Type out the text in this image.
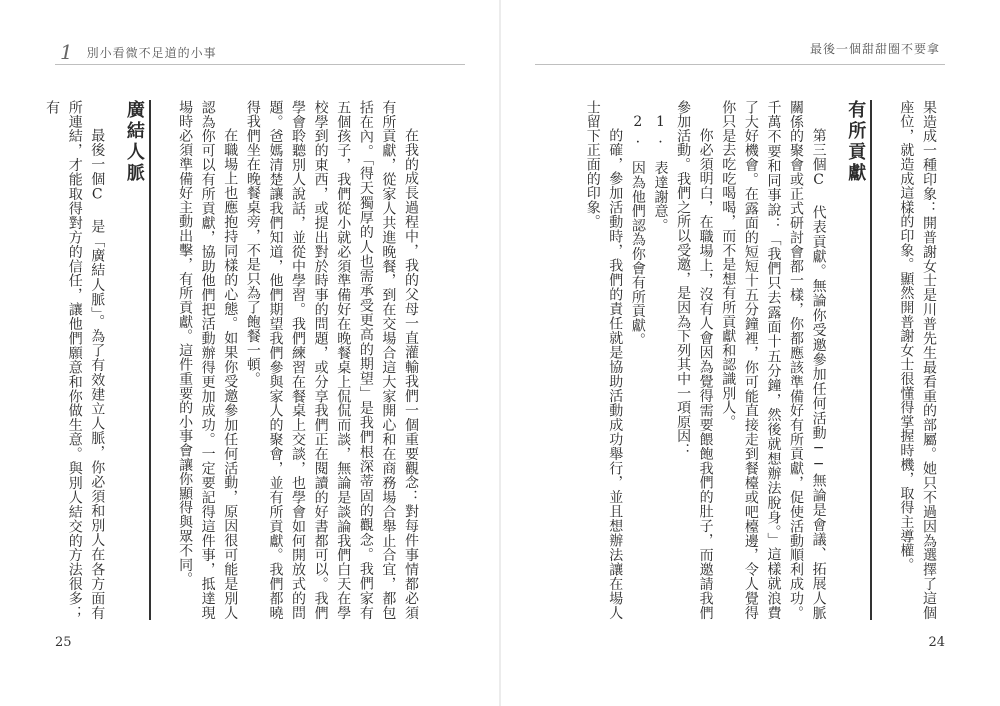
1 別小看微不足道的小事

在我的成長過程中，我的父母一直灌輸我們一個重要觀念：對每件事情都必須有所貢獻，從家人共進晚餐，到在交場合這大家開心和在商務場合舉止合宜，都包括在內。「得天獨厚的人也需承受更高的期望」是我們根深蒂固的觀念。我們家有五個孩子，我們從小就必須準備好在晚餐桌上侃侃而談，無論是談論我們白天在學校學到的東西，或提出對於時事的問題，或分享我們正在閱讀的好書都可以。我們學會聆聽別人說話，並從中學習。我們練習在餐桌上交談，也學會如何開放式的問題。爸媽清楚讓我們知道，他們期望我們參與家人的聚會，並有所貢獻。我們都曉得我們坐在晚餐桌旁，不是只為了飽餐一頓。

在職場上也應抱持同樣的心態。如果你受邀參加任何活動，原因很可能是別人認為你可以有所貢獻，協助他們把活動辦得更加成功。一定要記得這件事，抵達現場時必須準備好主動出擊，有所貢獻。這件重要的小事會讓你顯得與眾不同。

廣結人脈

最後一個C 是「廣結人脈」。為了有效建立人脈，你必須和別人在各方面有所連結，才能取得對方的信任，讓他們願意和你做生意。與別人結交的方法很多；有

25
最後一個甜甜圈不要拿

果造成一種印象：開普謝女士是川普先生最看重的部屬。她只不過因為選擇了這個座位，就造成這樣的印象。顯然開普謝女士很懂得掌握時機，取得主導權。

有所貢獻

第三個C 代表貢獻。無論你受邀參加任何活動──無論是會議、拓展人脈關係的聚會或正式研討會都一樣，你都應該準備好有所貢獻，促使活動順利成功。千萬不要和同事說：「我們只去露面十五分鐘，然後就想辦法脫身。」這樣就浪費了大好機會。在露面的短短十五分鐘裡，你可能直接走到餐檯或吧檯邊，令人覺得你只是去吃吃喝喝，而不是想有所貢獻和認識別人。

你必須明白，在職場上，沒有人會因為覺得需要餵飽我們的肚子，而邀請我們參加活動。我們之所以受邀，是因為下列其中一項原因：

1.　表達謝意。

2.　因為他們認為你會有所貢獻。

的確，參加活動時，我們的責任就是協助活動成功舉行，並且想辦法讓在場人士留下正面的印象。

24
